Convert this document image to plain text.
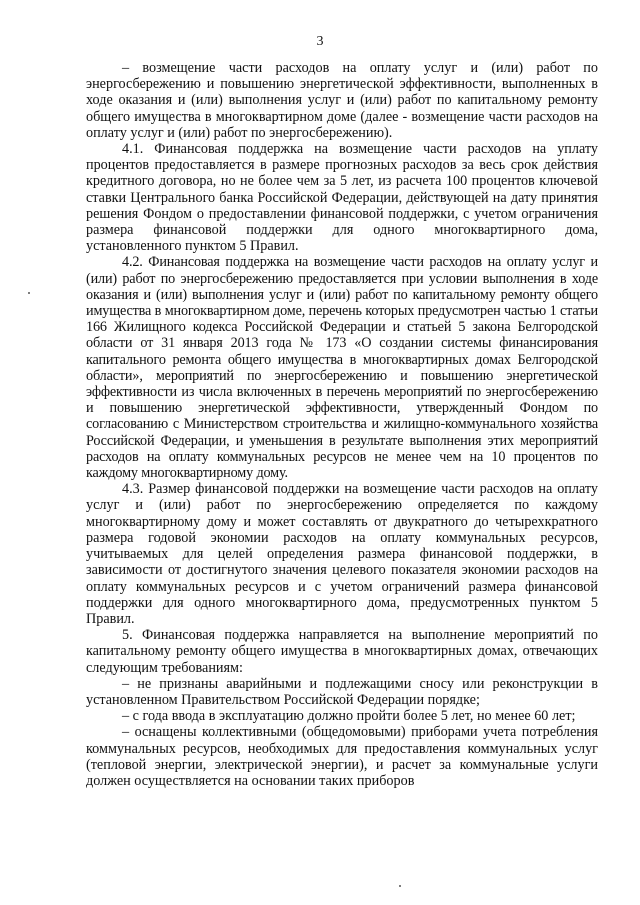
3

– возмещение части расходов на оплату услуг и (или) работ по энергосбережению и повышению энергетической эффективности, выполненных в ходе оказания и (или) выполнения услуг и (или) работ по капитальному ремонту общего имущества в многоквартирном доме (далее - возмещение части расходов на оплату услуг и (или) работ по энергосбережению).

4.1. Финансовая поддержка на возмещение части расходов на уплату процентов предоставляется в размере прогнозных расходов за весь срок действия кредитного договора, но не более чем за 5 лет, из расчета 100 процентов ключевой ставки Центрального банка Российской Федерации, действующей на дату принятия решения Фондом о предоставлении финансовой поддержки, с учетом ограничения размера финансовой поддержки для одного многоквартирного дома, установленного пунктом 5 Правил.

4.2. Финансовая поддержка на возмещение части расходов на оплату услуг и (или) работ по энергосбережению предоставляется при условии выполнения в ходе оказания и (или) выполнения услуг и (или) работ по капитальному ремонту общего имущества в многоквартирном доме, перечень которых предусмотрен частью 1 статьи 166 Жилищного кодекса Российской Федерации и статьей 5 закона Белгородской области от 31 января 2013 года № 173 «О создании системы финансирования капитального ремонта общего имущества в многоквартирных домах Белгородской области», мероприятий по энергосбережению и повышению энергетической эффективности из числа включенных в перечень мероприятий по энергосбережению и повышению энергетической эффективности, утвержденный Фондом по согласованию с Министерством строительства и жилищно-коммунального хозяйства Российской Федерации, и уменьшения в результате выполнения этих мероприятий расходов на оплату коммунальных ресурсов не менее чем на 10 процентов по каждому многоквартирному дому.

4.3. Размер финансовой поддержки на возмещение части расходов на оплату услуг и (или) работ по энергосбережению определяется по каждому многоквартирному дому и может составлять от двукратного до четырехкратного размера годовой экономии расходов на оплату коммунальных ресурсов, учитываемых для целей определения размера финансовой поддержки, в зависимости от достигнутого значения целевого показателя экономии расходов на оплату коммунальных ресурсов и с учетом ограничений размера финансовой поддержки для одного многоквартирного дома, предусмотренных пунктом 5 Правил.

5. Финансовая поддержка направляется на выполнение мероприятий по капитальному ремонту общего имущества в многоквартирных домах, отвечающих следующим требованиям:

– не признаны аварийными и подлежащими сносу или реконструкции в установленном Правительством Российской Федерации порядке;

– с года ввода в эксплуатацию должно пройти более 5 лет, но менее 60 лет;

– оснащены коллективными (общедомовыми) приборами учета потребления коммунальных ресурсов, необходимых для предоставления коммунальных услуг (тепловой энергии, электрической энергии), и расчет за коммунальные услуги должен осуществляется на основании таких приборов
